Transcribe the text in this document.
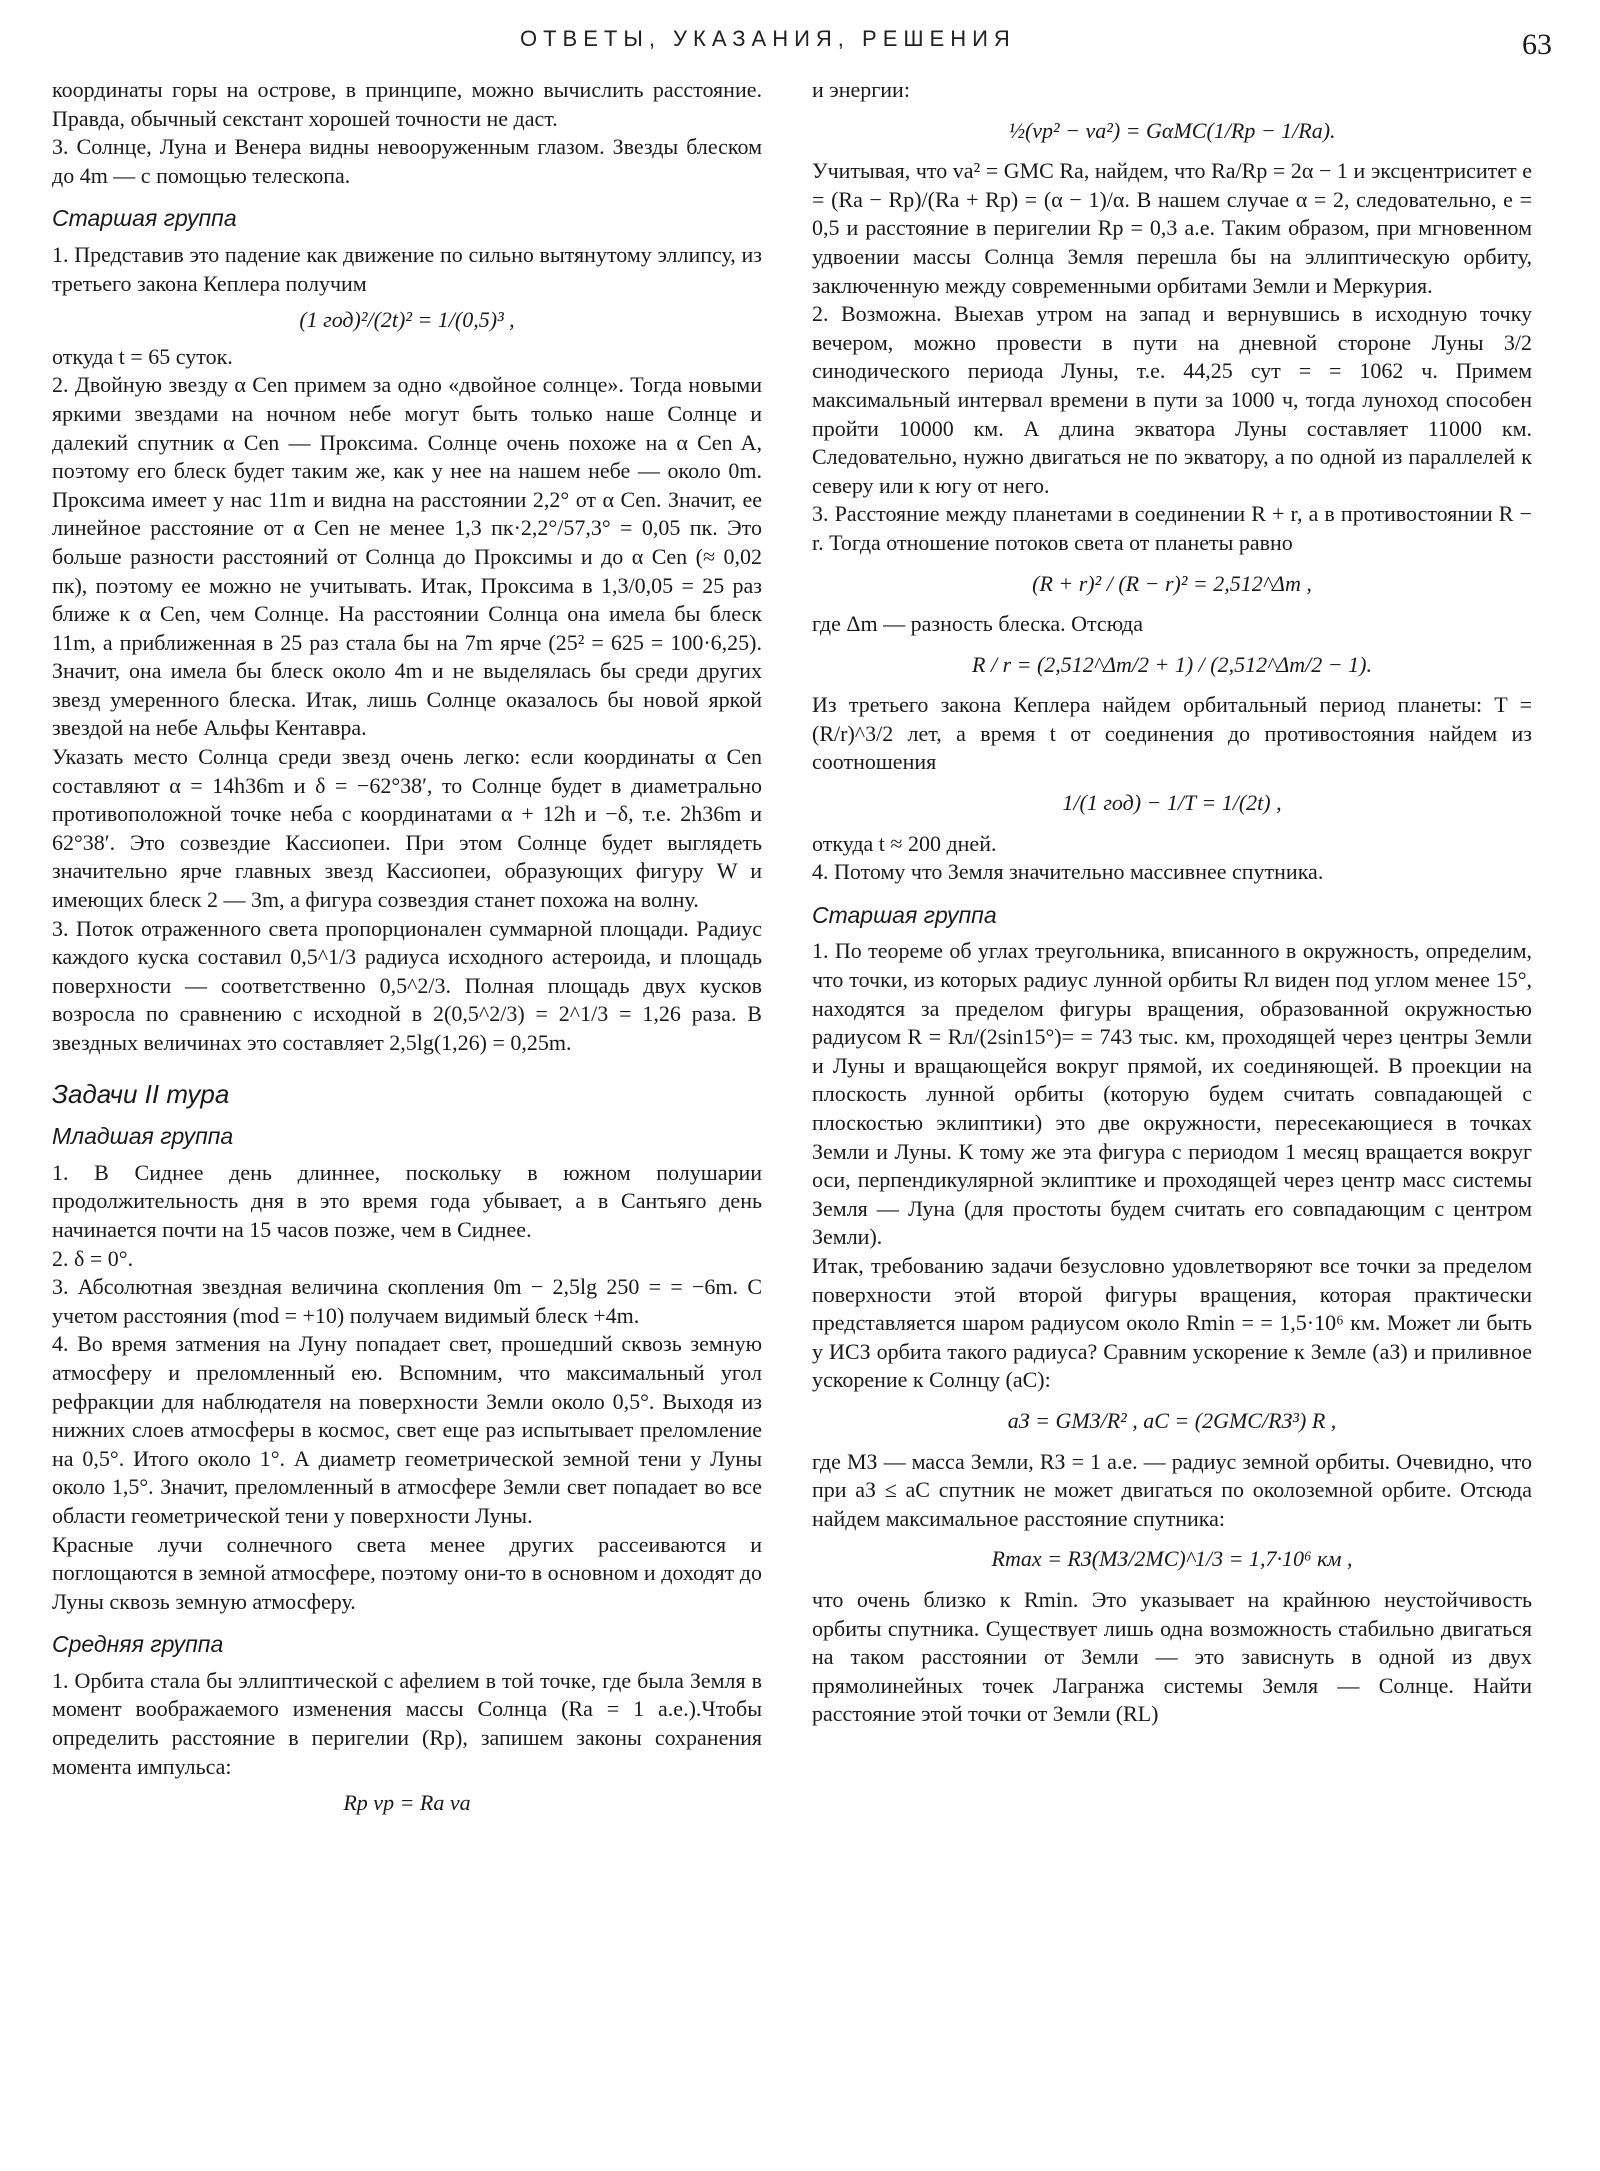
ОТВЕТЫ, УКАЗАНИЯ, РЕШЕНИЯ	63

координаты горы на острове, в принципе, можно вычислить расстояние. Правда, обычный секстант хорошей точности не даст.

3. Солнце, Луна и Венера видны невооруженным глазом. Звезды блеском до 4m — с помощью телескопа.

Старшая группа

1. Представив это падение как движение по сильно вытянутому эллипсу, из третьего закона Кеплера получим

(1 год)²/(2t)² = 1/(0,5)³ ,

откуда t = 65 суток.

2. Двойную звезду α Cen примем за одно «двойное солнце». Тогда новыми яркими звездами на ночном небе могут быть только наше Солнце и далекий спутник α Cen — Проксима. Солнце очень похоже на α Cen A, поэтому его блеск будет таким же, как у нее на нашем небе — около 0m. Проксима имеет у нас 11m и видна на расстоянии 2,2° от α Cen. Значит, ее линейное расстояние от α Cen не менее 1,3 пк·2,2°/57,3° = 0,05 пк. Это больше разности расстояний от Солнца до Проксимы и до α Cen (≈ 0,02 пк), поэтому ее можно не учитывать. Итак, Проксима в 1,3/0,05 = 25 раз ближе к α Cen, чем Солнце. На расстоянии Солнца она имела бы блеск 11m, а приближенная в 25 раз стала бы на 7m ярче (25² = 625 = 100·6,25). Значит, она имела бы блеск около 4m и не выделялась бы среди других звезд умеренного блеска. Итак, лишь Солнце оказалось бы новой яркой звездой на небе Альфы Кентавра.

Указать место Солнца среди звезд очень легко: если координаты α Cen составляют α = 14h36m и δ = −62°38′, то Солнце будет в диаметрально противоположной точке неба с координатами α + 12h и −δ, т.е. 2h36m и 62°38′. Это созвездие Кассиопеи. При этом Солнце будет выглядеть значительно ярче главных звезд Кассиопеи, образующих фигуру W и имеющих блеск 2 — 3m, а фигура созвездия станет похожа на волну.

3. Поток отраженного света пропорционален суммарной площади. Радиус каждого куска составил 0,5^1/3 радиуса исходного астероида, и площадь поверхности — соответственно 0,5^2/3. Полная площадь двух кусков возросла по сравнению с исходной в 2(0,5^2/3) = 2^1/3 = 1,26 раза. В звездных величинах это составляет 2,5lg(1,26) = 0,25m.

Задачи II тура
Младшая группа

1. В Сиднее день длиннее, поскольку в южном полушарии продолжительность дня в это время года убывает, а в Сантьяго день начинается почти на 15 часов позже, чем в Сиднее.

2. δ = 0°.

3. Абсолютная звездная величина скопления 0m − 2,5lg 250 = = −6m. С учетом расстояния (mod = +10) получаем видимый блеск +4m.

4. Во время затмения на Луну попадает свет, прошедший сквозь земную атмосферу и преломленный ею. Вспомним, что максимальный угол рефракции для наблюдателя на поверхности Земли около 0,5°. Выходя из нижних слоев атмосферы в космос, свет еще раз испытывает преломление на 0,5°. Итого около 1°. А диаметр геометрической земной тени у Луны около 1,5°. Значит, преломленный в атмосфере Земли свет попадает во все области геометрической тени у поверхности Луны.

Красные лучи солнечного света менее других рассеиваются и поглощаются в земной атмосфере, поэтому они-то в основном и доходят до Луны сквозь земную атмосферу.

Средняя группа

1. Орбита стала бы эллиптической с афелием в той точке, где была Земля в момент воображаемого изменения массы Солнца (Ra = 1 а.е.).Чтобы определить расстояние в перигелии (Rp), запишем законы сохранения момента импульса:

Rp vp = Ra va

и энергии:

½(vp² − va²) = GαMC(1/Rp − 1/Ra).

Учитывая, что va² = GMC Ra, найдем, что Ra/Rp = 2α − 1 и эксцентриситет e = (Ra − Rp)/(Ra + Rp) = (α − 1)/α. В нашем случае α = 2, следовательно, e = 0,5 и расстояние в перигелии Rp = 0,3 а.е. Таким образом, при мгновенном удвоении массы Солнца Земля перешла бы на эллиптическую орбиту, заключенную между современными орбитами Земли и Меркурия.

2. Возможна. Выехав утром на запад и вернувшись в исходную точку вечером, можно провести в пути на дневной стороне Луны 3/2 синодического периода Луны, т.е. 44,25 сут = = 1062 ч. Примем максимальный интервал времени в пути за 1000 ч, тогда луноход способен пройти 10000 км. А длина экватора Луны составляет 11000 км. Следовательно, нужно двигаться не по экватору, а по одной из параллелей к северу или к югу от него.

3. Расстояние между планетами в соединении R + r, а в противостоянии R − r. Тогда отношение потоков света от планеты равно

(R + r)² / (R − r)² = 2,512^Δm ,

где Δm — разность блеска. Отсюда

R / r = (2,512^Δm/2 + 1) / (2,512^Δm/2 − 1).

Из третьего закона Кеплера найдем орбитальный период планеты: T = (R/r)^3/2 лет, а время t от соединения до противостояния найдем из соотношения

1/(1 год) − 1/T = 1/(2t) ,

откуда t ≈ 200 дней.

4. Потому что Земля значительно массивнее спутника.

Старшая группа

1. По теореме об углах треугольника, вписанного в окружность, определим, что точки, из которых радиус лунной орбиты Rл виден под углом менее 15°, находятся за пределом фигуры вращения, образованной окружностью радиусом R = Rл/(2sin15°)= = 743 тыс. км, проходящей через центры Земли и Луны и вращающейся вокруг прямой, их соединяющей. В проекции на плоскость лунной орбиты (которую будем считать совпадающей с плоскостью эклиптики) это две окружности, пересекающиеся в точках Земли и Луны. К тому же эта фигура с периодом 1 месяц вращается вокруг оси, перпендикулярной эклиптике и проходящей через центр масс системы Земля — Луна (для простоты будем считать его совпадающим с центром Земли).

Итак, требованию задачи безусловно удовлетворяют все точки за пределом поверхности этой второй фигуры вращения, которая практически представляется шаром радиусом около Rmin = = 1,5·10⁶ км. Может ли быть у ИСЗ орбита такого радиуса? Сравним ускорение к Земле (aЗ) и приливное ускорение к Солнцу (aC):

aЗ = GMЗ/R² , aC = (2GMC/RЗ³) R ,

где MЗ — масса Земли, RЗ = 1 а.е. — радиус земной орбиты. Очевидно, что при aЗ ≤ aC спутник не может двигаться по околоземной орбите. Отсюда найдем максимальное расстояние спутника:

Rmax = RЗ(MЗ/2MC)^1/3 = 1,7·10⁶ км ,

что очень близко к Rmin. Это указывает на крайнюю неустойчивость орбиты спутника. Существует лишь одна возможность стабильно двигаться на таком расстоянии от Земли — это зависнуть в одной из двух прямолинейных точек Лагранжа системы Земля — Солнце. Найти расстояние этой точки от Земли (RL)
